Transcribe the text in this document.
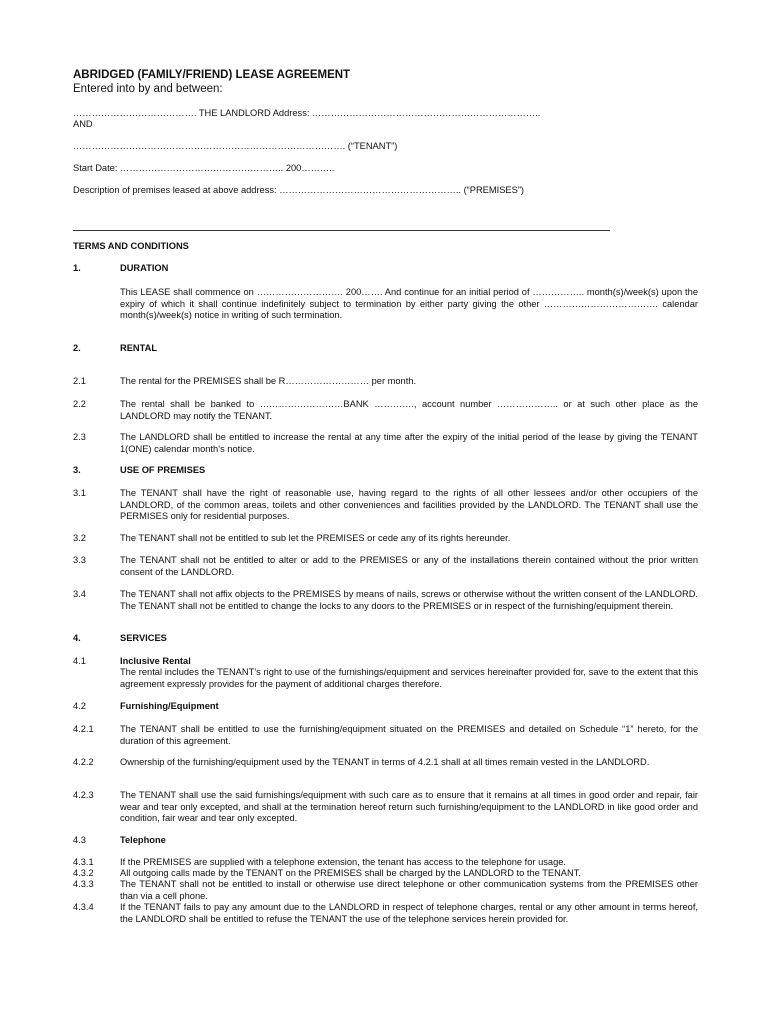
ABRIDGED (FAMILY/FRIEND) LEASE AGREEMENT
Entered into by and between:
…………………………………. THE LANDLORD Address: ………………………………………………………………..
AND
……………………………………………………………………………. (“TENANT”)
Start Date: …………………………………………….. 200………..
Description of premises leased at above address: ………………………………………………….. (“PREMISES”)
TERMS AND CONDITIONS
1.	DURATION
This LEASE shall commence on ………………………. 200……. And continue for an initial period of …………….. month(s)/week(s) upon the expiry of which it shall continue indefinitely subject to termination by either party giving the other ………………………………. calendar month(s)/week(s) notice in writing of such termination.
2.	RENTAL
2.1	The rental for the PREMISES shall be R……………………… per month.
2.2	The rental shall be banked to ………………………BANK …………., account number ……………….. or at such other place as the LANDLORD may notify the TENANT.
2.3	The LANDLORD shall be entitled to increase the rental at any time after the expiry of the initial period of the lease by giving the TENANT 1(ONE) calendar month’s notice.
3.	USE OF PREMISES
3.1	The TENANT shall have the right of reasonable use, having regard to the rights of all other lessees and/or other occupiers of the LANDLORD, of the common areas, toilets and other conveniences and facilities provided by the LANDLORD. The TENANT shall use the PERMISES only for residential purposes.
3.2	The TENANT shall not be entitled to sub let the PREMISES or cede any of its rights hereunder.
3.3	The TENANT shall not be entitled to alter or add to the PREMISES or any of the installations therein contained without the prior written consent of the LANDLORD.
3.4	The TENANT shall not affix objects to the PREMISES by means of nails, screws or otherwise without the written consent of the LANDLORD. The TENANT shall not be entitled to change the locks to any doors to the PREMISES or in respect of the furnishing/equipment therein.
4.	SERVICES
4.1	Inclusive Rental
The rental includes the TENANT’s right to use of the furnishings/equipment and services hereinafter provided for, save to the extent that this agreement expressly provides for the payment of additional charges therefore.
4.2	Furnishing/Equipment
4.2.1	The TENANT shall be entitled to use the furnishing/equipment situated on the PREMISES and detailed on Schedule “1” hereto, for the duration of this agreement.
4.2.2	Ownership of the furnishing/equipment used by the TENANT in terms of 4.2.1 shall at all times remain vested in the LANDLORD.
4.2.3	The TENANT shall use the said furnishings/equipment with such care as to ensure that it remains at all times in good order and repair, fair wear and tear only excepted, and shall at the termination hereof return such furnishing/equipment to the LANDLORD in like good order and condition, fair wear and tear only excepted.
4.3	Telephone
4.3.1	If the PREMISES are supplied with a telephone extension, the tenant has access to the telephone for usage.
4.3.2	All outgoing calls made by the TENANT on the PREMISES shall be charged by the LANDLORD to the TENANT.
4.3.3	The TENANT shall not be entitled to install or otherwise use direct telephone or other communication systems from the PREMISES other than via a cell phone.
4.3.4	If the TENANT fails to pay any amount due to the LANDLORD in respect of telephone charges, rental or any other amount in terms hereof, the LANDLORD shall be entitled to refuse the TENANT the use of the telephone services herein provided for.
